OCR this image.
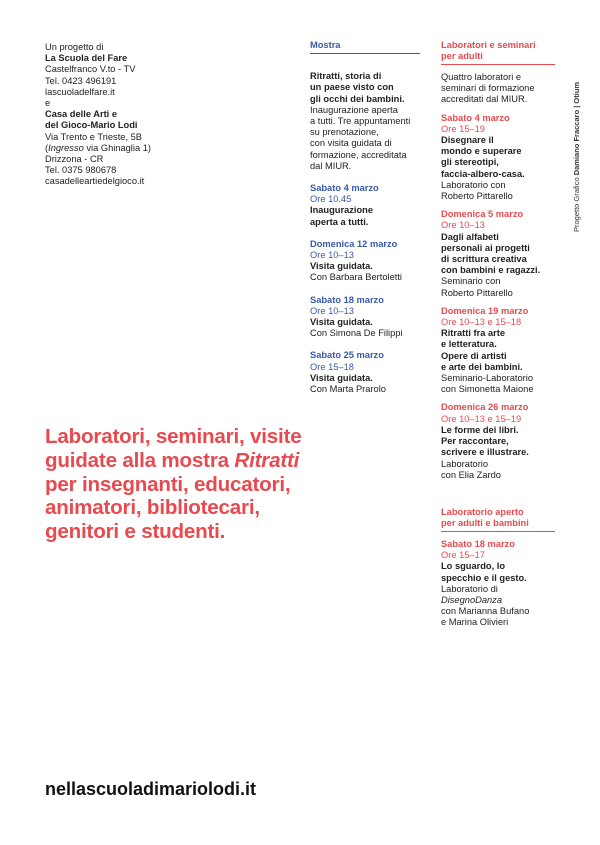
Un progetto di

La Scuola del Fare

Castelfranco V.to - TV

Tel. 0423 496191

lascuoladelfare.it

e

Casa delle Arti e

del Gioco-Mario Lodi

Via Trento e Trieste, 5B

(Ingresso via Ghinaglia 1)

Drizzona - CR

Tel. 0375 980678

casadelleartiedelgioco.it

Mostra

Ritratti, storia di

un paese visto con

gli occhi dei bambini.

Inaugurazione aperta

a tutti. Tre appuntamenti

su prenotazione,

con visita guidata di

formazione, accreditata

dal MIUR.

Sabato 4 marzo

Ore 10.45

Inaugurazione

aperta a tutti.

Domenica 12 marzo

Ore 10–13

Visita guidata.

Con Barbara Bertoletti

Sabato 18 marzo

Ore 10–13

Visita guidata.

Con Simona De Filippi

Sabato 25 marzo

Ore 15–18

Visita guidata.

Con Marta Prarolo

Laboratori e seminari
per adulti

Quattro laboratori e

seminari di formazione

accreditati dal MIUR.

Sabato 4 marzo

Ore 15–19

Disegnare il

mondo e superare

gli stereotipi,

faccia-albero-casa.

Laboratorio con

Roberto Pittarello

Domenica 5 marzo

Ore 10–13

Dagli alfabeti

personali ai progetti

di scrittura creativa

con bambini e ragazzi.

Seminario con

Roberto Pittarello

Domenica 19 marzo

Ore 10–13 e 15–18

Ritratti fra arte

e letteratura.

Opere di artisti

e arte dei bambini.

Seminario-Laboratorio

con Simonetta Maione

Domenica 26 marzo

Ore 10–13 e 15–19

Le forme dei libri.

Per raccontare,

scrivere e illustrare.

Laboratorio

con Elia Zardo

Laboratorio aperto
per adulti e bambini

Sabato 18 marzo

Ore 15–17

Lo sguardo, lo

specchio e il gesto.

Laboratorio di

DisegnoDanza

con Marianna Bufano

e Marina Olivieri

Progetto Grafico Damiano Fraccaro | Otium
Laboratori, seminari, visite guidate alla mostra Ritratti per insegnanti, educatori, animatori, bibliotecari, genitori e studenti.
nellascuoladimariolodi.it
